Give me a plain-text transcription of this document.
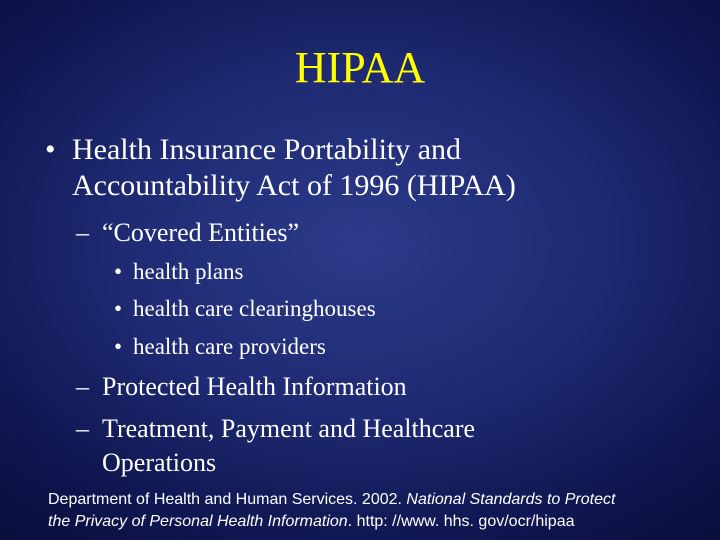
HIPAA
• Health Insurance Portability and
Accountability Act of 1996 (HIPAA)
– “Covered Entities”
• health plans
• health care clearinghouses
• health care providers
– Protected Health Information
– Treatment, Payment and Healthcare
Operations
Department of Health and Human Services. 2002. National Standards to Protect
the Privacy of Personal Health Information. http: //www. hhs. gov/ocr/hipaa
